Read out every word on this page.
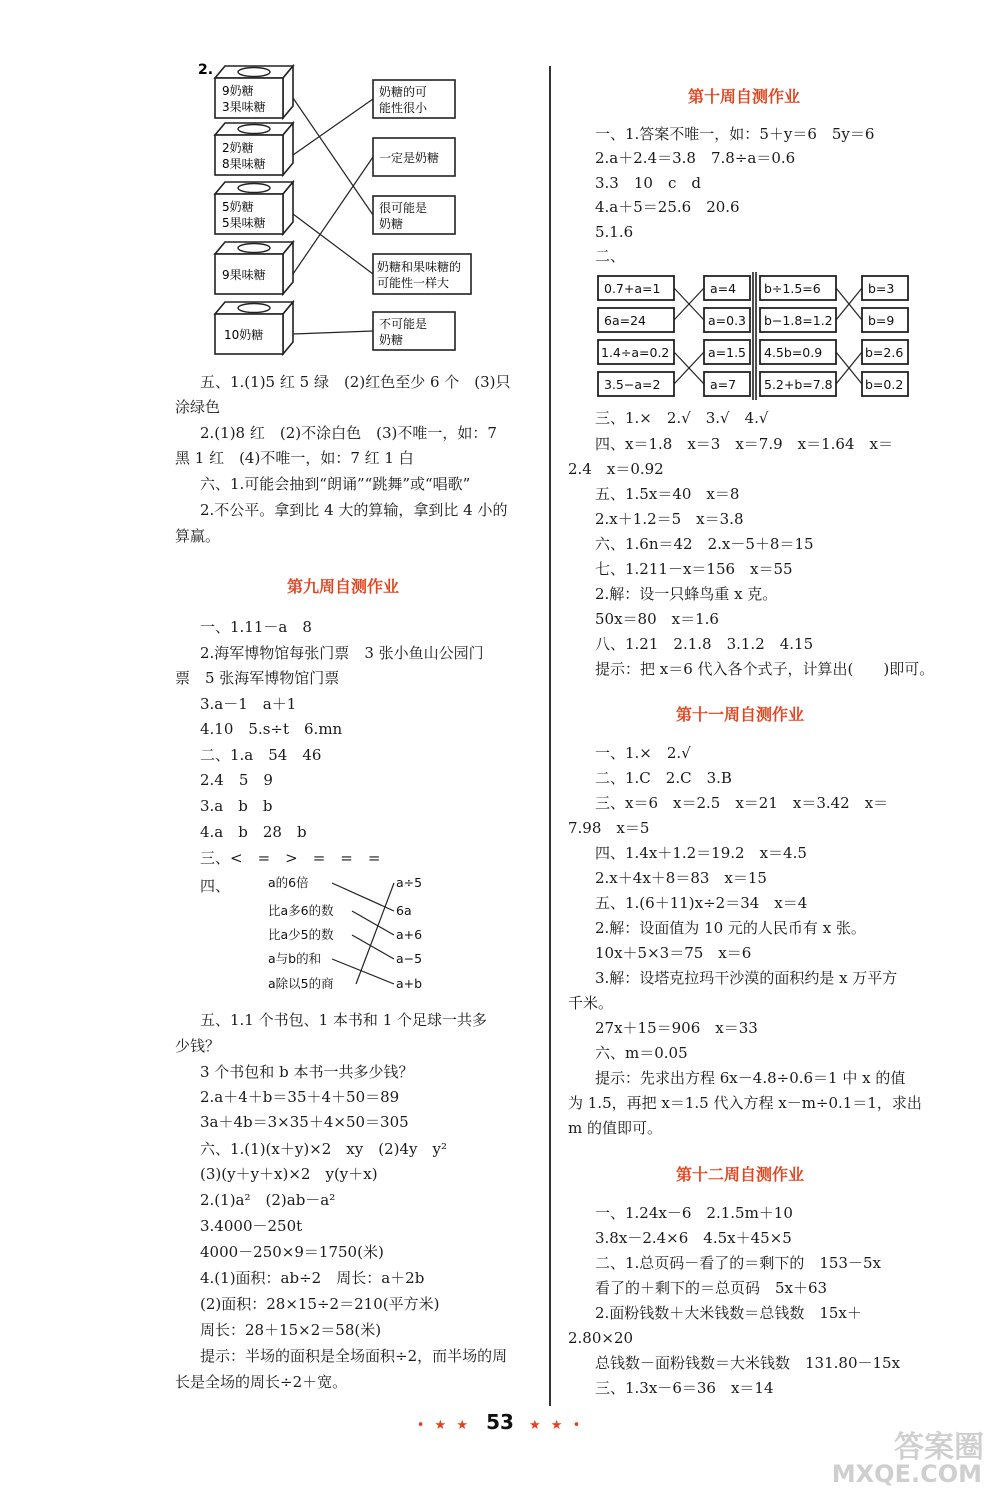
2.
9奶糖
3果味糖
2奶糖
8果味糖
5奶糖
5果味糖
9果味糖
10奶糖
奶糖的可
能性很小
一定是奶糖
很可能是
奶糖
奶糖和果味糖的
可能性一样大
不可能是
奶糖
五、1.(1)5 红 5 绿　(2)红色至少 6 个　(3)只
涂绿色
2.(1)8 红　(2)不涂白色　(3)不唯一，如：7
黑 1 红　(4)不唯一，如：7 红 1 白
六、1.可能会抽到“朗诵”“跳舞”或“唱歌”
2.不公平。拿到比 4 大的算输，拿到比 4 小的
算赢。
第九周自测作业
一、1.11－a　8
2.海军博物馆每张门票　3 张小鱼山公园门
票　5 张海军博物馆门票
3.a－1　a＋1
4.10　5.s÷t　6.mn
二、1.a　54　46
2.4　5　9
3.a　b　b
4.a　b　28　b
三、<　=　>　=　=　=
四、	a的6倍
比a多6的数
比a少5的数
a与b的和
a除以5的商
a÷5
6a
a+6
a−5
a+b
五、1.1 个书包、1 本书和 1 个足球一共多
少钱？
3 个书包和 b 本书一共多少钱？
2.a＋4＋b＝35＋4＋50＝89
3a＋4b＝3×35＋4×50＝305
六、1.(1)(x＋y)×2　xy　(2)4y　y²
(3)(y＋y＋x)×2　y(y＋x)
2.(1)a²　(2)ab－a²
3.4000－250t
4000－250×9＝1750(米)
4.(1)面积：ab÷2　周长：a＋2b
(2)面积：28×15÷2＝210(平方米)
周长：28＋15×2＝58(米)
提示：半场的面积是全场面积÷2，而半场的周
长是全场的周长÷2＋宽。
第十周自测作业
一、1.答案不唯一，如：5＋y＝6　5y＝6
2.a＋2.4＝3.8　7.8÷a＝0.6
3.3　10　c　d
4.a＋5＝25.6　20.6
5.1.6
二、
0.7+a=1
6a=24
1.4÷a=0.2
3.5−a=2
a=4
a=0.3
a=1.5
a=7
b÷1.5=6
b−1.8=1.2
4.5b=0.9
5.2+b=7.8
b=3
b=9
b=2.6
b=0.2
三、1.×　2.√　3.√　4.√
四、x＝1.8　x＝3　x＝7.9　x＝1.64　x＝
2.4　x＝0.92
五、1.5x＝40　x＝8
2.x＋1.2＝5　x＝3.8
六、1.6n＝42　2.x－5＋8＝15
七、1.211－x＝156　x＝55
2.解：设一只蜂鸟重 x 克。
50x＝80　x＝1.6
八、1.21　2.1.8　3.1.2　4.15
提示：把 x＝6 代入各个式子，计算出(　　)即可。
第十一周自测作业
一、1.×　2.√
二、1.C　2.C　3.B
三、x＝6　x＝2.5　x＝21　x＝3.42　x＝
7.98　x＝5
四、1.4x＋1.2＝19.2　x＝4.5
2.x＋4x＋8＝83　x＝15
五、1.(6＋11)x÷2＝34　x＝4
2.解：设面值为 10 元的人民币有 x 张。
10x＋5×3＝75　x＝6
3.解：设塔克拉玛干沙漠的面积约是 x 万平方
千米。
27x＋15＝906　x＝33
六、m＝0.05
提示：先求出方程 6x－4.8÷0.6＝1 中 x 的值
为 1.5，再把 x＝1.5 代入方程 x－m÷0.1＝1，求出
m 的值即可。
第十二周自测作业
一、1.24x－6　2.1.5m＋10
3.8x－2.4×6　4.5x＋45×5
二、1.总页码－看了的＝剩下的　153－5x
看了的＋剩下的＝总页码　5x＋63
2.面粉钱数＋大米钱数＝总钱数　15x＋
2.80×20
总钱数－面粉钱数＝大米钱数　131.80－15x
三、1.3x－6＝36　x＝14
• ★ ★ 53 ★ ★ •
答案圈
MXQE.COM
